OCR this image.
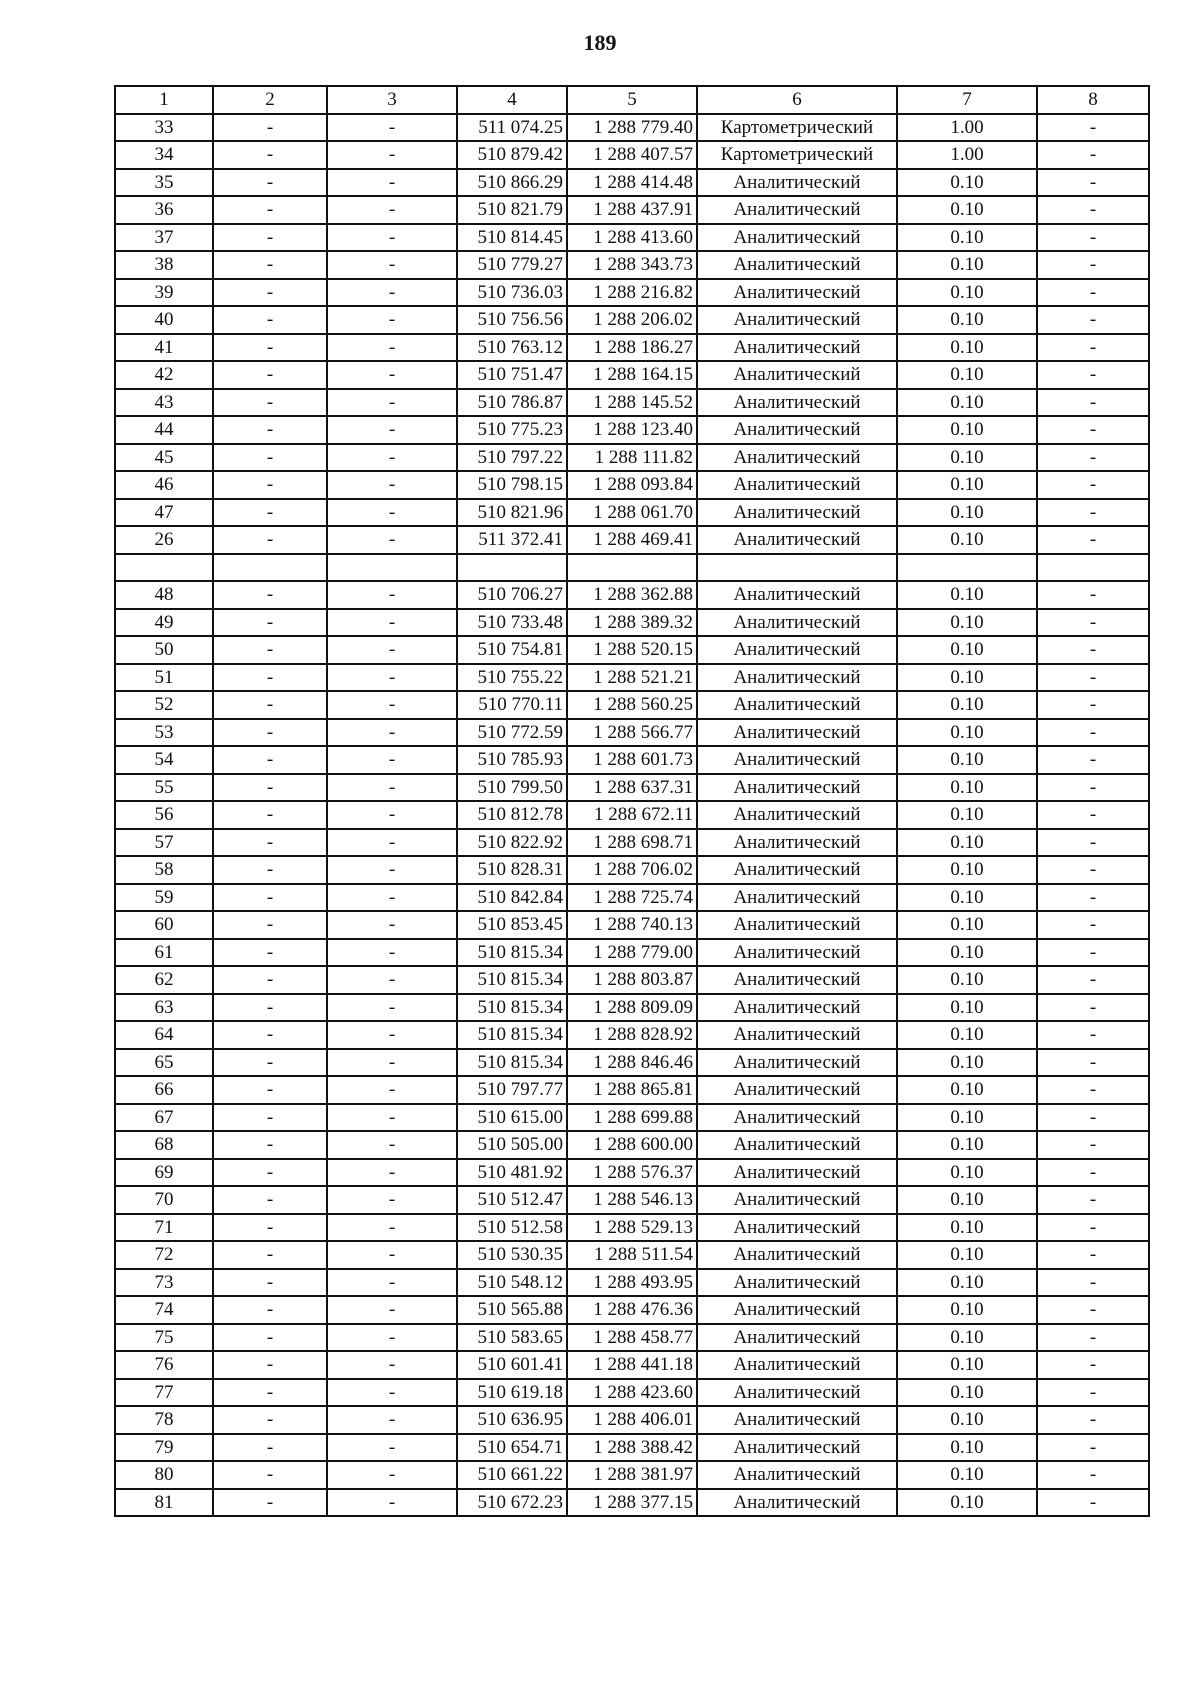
189
1	2	3	4	5	6	7	8
33	-	-	511 074.25	1 288 779.40	Картометрический	1.00	-
34	-	-	510 879.42	1 288 407.57	Картометрический	1.00	-
35	-	-	510 866.29	1 288 414.48	Аналитический	0.10	-
36	-	-	510 821.79	1 288 437.91	Аналитический	0.10	-
37	-	-	510 814.45	1 288 413.60	Аналитический	0.10	-
38	-	-	510 779.27	1 288 343.73	Аналитический	0.10	-
39	-	-	510 736.03	1 288 216.82	Аналитический	0.10	-
40	-	-	510 756.56	1 288 206.02	Аналитический	0.10	-
41	-	-	510 763.12	1 288 186.27	Аналитический	0.10	-
42	-	-	510 751.47	1 288 164.15	Аналитический	0.10	-
43	-	-	510 786.87	1 288 145.52	Аналитический	0.10	-
44	-	-	510 775.23	1 288 123.40	Аналитический	0.10	-
45	-	-	510 797.22	1 288 111.82	Аналитический	0.10	-
46	-	-	510 798.15	1 288 093.84	Аналитический	0.10	-
47	-	-	510 821.96	1 288 061.70	Аналитический	0.10	-
26	-	-	511 372.41	1 288 469.41	Аналитический	0.10	-

48	-	-	510 706.27	1 288 362.88	Аналитический	0.10	-
49	-	-	510 733.48	1 288 389.32	Аналитический	0.10	-
50	-	-	510 754.81	1 288 520.15	Аналитический	0.10	-
51	-	-	510 755.22	1 288 521.21	Аналитический	0.10	-
52	-	-	510 770.11	1 288 560.25	Аналитический	0.10	-
53	-	-	510 772.59	1 288 566.77	Аналитический	0.10	-
54	-	-	510 785.93	1 288 601.73	Аналитический	0.10	-
55	-	-	510 799.50	1 288 637.31	Аналитический	0.10	-
56	-	-	510 812.78	1 288 672.11	Аналитический	0.10	-
57	-	-	510 822.92	1 288 698.71	Аналитический	0.10	-
58	-	-	510 828.31	1 288 706.02	Аналитический	0.10	-
59	-	-	510 842.84	1 288 725.74	Аналитический	0.10	-
60	-	-	510 853.45	1 288 740.13	Аналитический	0.10	-
61	-	-	510 815.34	1 288 779.00	Аналитический	0.10	-
62	-	-	510 815.34	1 288 803.87	Аналитический	0.10	-
63	-	-	510 815.34	1 288 809.09	Аналитический	0.10	-
64	-	-	510 815.34	1 288 828.92	Аналитический	0.10	-
65	-	-	510 815.34	1 288 846.46	Аналитический	0.10	-
66	-	-	510 797.77	1 288 865.81	Аналитический	0.10	-
67	-	-	510 615.00	1 288 699.88	Аналитический	0.10	-
68	-	-	510 505.00	1 288 600.00	Аналитический	0.10	-
69	-	-	510 481.92	1 288 576.37	Аналитический	0.10	-
70	-	-	510 512.47	1 288 546.13	Аналитический	0.10	-
71	-	-	510 512.58	1 288 529.13	Аналитический	0.10	-
72	-	-	510 530.35	1 288 511.54	Аналитический	0.10	-
73	-	-	510 548.12	1 288 493.95	Аналитический	0.10	-
74	-	-	510 565.88	1 288 476.36	Аналитический	0.10	-
75	-	-	510 583.65	1 288 458.77	Аналитический	0.10	-
76	-	-	510 601.41	1 288 441.18	Аналитический	0.10	-
77	-	-	510 619.18	1 288 423.60	Аналитический	0.10	-
78	-	-	510 636.95	1 288 406.01	Аналитический	0.10	-
79	-	-	510 654.71	1 288 388.42	Аналитический	0.10	-
80	-	-	510 661.22	1 288 381.97	Аналитический	0.10	-
81	-	-	510 672.23	1 288 377.15	Аналитический	0.10	-
